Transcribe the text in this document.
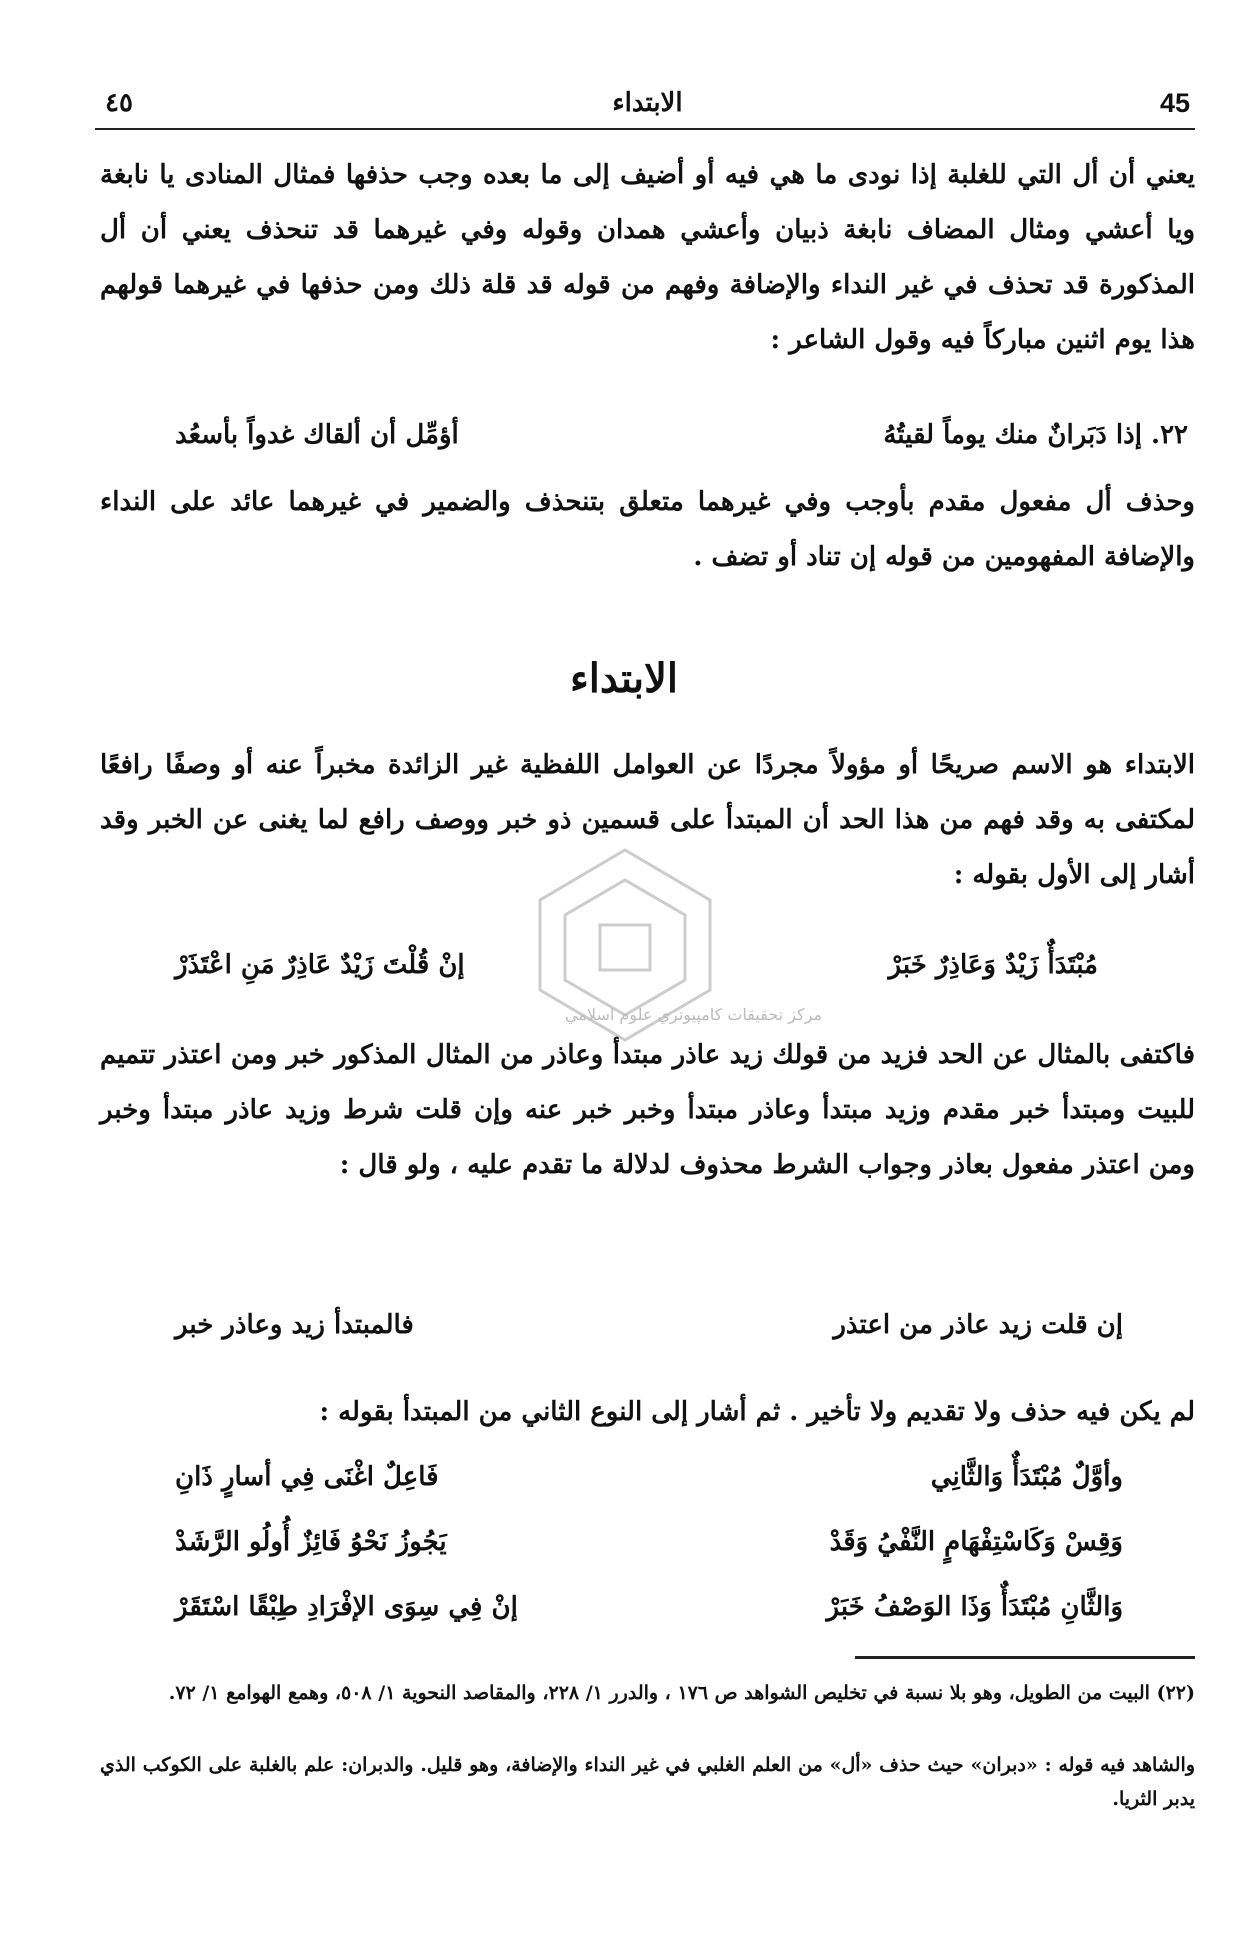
٤٥	الابتداء	45
يعني أن أل التي للغلبة إذا نودى ما هي فيه أو أضيف إلى ما بعده وجب حذفها فمثال المنادى يا نابغة ويا أعشي ومثال المضاف نابغة ذبيان وأعشي همدان وقوله وفي غيرهما قد تنحذف يعني أن أل المذكورة قد تحذف في غير النداء والإضافة وفهم من قوله قد قلة ذلك ومن حذفها في غيرهما قولهم هذا يوم اثنين مباركاً فيه وقول الشاعر :
٢٢. إذا دَبَرانٌ منك يوماً لقيتُهُ
أؤمِّل أن ألقاك غدواً بأسعُد
وحذف أل مفعول مقدم بأوجب وفي غيرهما متعلق بتنحذف والضمير في غيرهما عائد على النداء والإضافة المفهومين من قوله إن تناد أو تضف .
الابتداء
الابتداء هو الاسم صريحًا أو مؤولاً مجردًا عن العوامل اللفظية غير الزائدة مخبراً عنه أو وصفًا رافعًا لمكتفى به وقد فهم من هذا الحد أن المبتدأ على قسمين ذو خبر ووصف رافع لما يغنى عن الخبر وقد أشار إلى الأول بقوله :
مركز تحقيقات كامپيوتري علوم اسلامي
مُبْتَدَأٌ زَيْدٌ وَعَاذِرٌ خَبَرْ
إنْ قُلْتَ زَيْدٌ عَاذِرٌ مَنِ اعْتَذَرْ
فاكتفى بالمثال عن الحد فزيد من قولك زيد عاذر مبتدأ وعاذر من المثال المذكور خبر ومن اعتذر تتميم للبيت ومبتدأ خبر مقدم وزيد مبتدأ وعاذر مبتدأ وخبر خبر عنه وإن قلت شرط وزيد عاذر مبتدأ وخبر ومن اعتذر مفعول بعاذر وجواب الشرط محذوف لدلالة ما تقدم عليه ، ولو قال :
إن قلت زيد عاذر من اعتذر
فالمبتدأ زيد وعاذر خبر
لم يكن فيه حذف ولا تقديم ولا تأخير . ثم أشار إلى النوع الثاني من المبتدأ بقوله :
وأوَّلٌ مُبْتَدَأٌ وَالثَّانِي
فَاعِلٌ اغْنَى فِي أسارٍ ذَانِ
وَقِسْ وَكَاسْتِفْهَامٍ النَّفْيُ وَقَدْ
يَجُوزُ نَحْوُ فَائِزٌ أُولُو الرَّشَدْ
وَالثَّانِ مُبْتَدَأٌ وَذَا الوَصْفُ خَبَرْ
إنْ فِي سِوَى الإفْرَادِ طِبْقًا اسْتَقَرْ
(٢٢) البيت من الطويل، وهو بلا نسبة في تخليص الشواهد ص ١٧٦ ، والدرر ١/ ٢٢٨، والمقاصد النحوية ١/ ٥٠٨، وهمع الهوامع ١/ ٧٢.
والشاهد فيه قوله : «دبران» حيث حذف «أل» من العلم الغلبي في غير النداء والإضافة، وهو قليل. والدبران: علم بالغلبة على الكوكب الذي يدبر الثريا.
